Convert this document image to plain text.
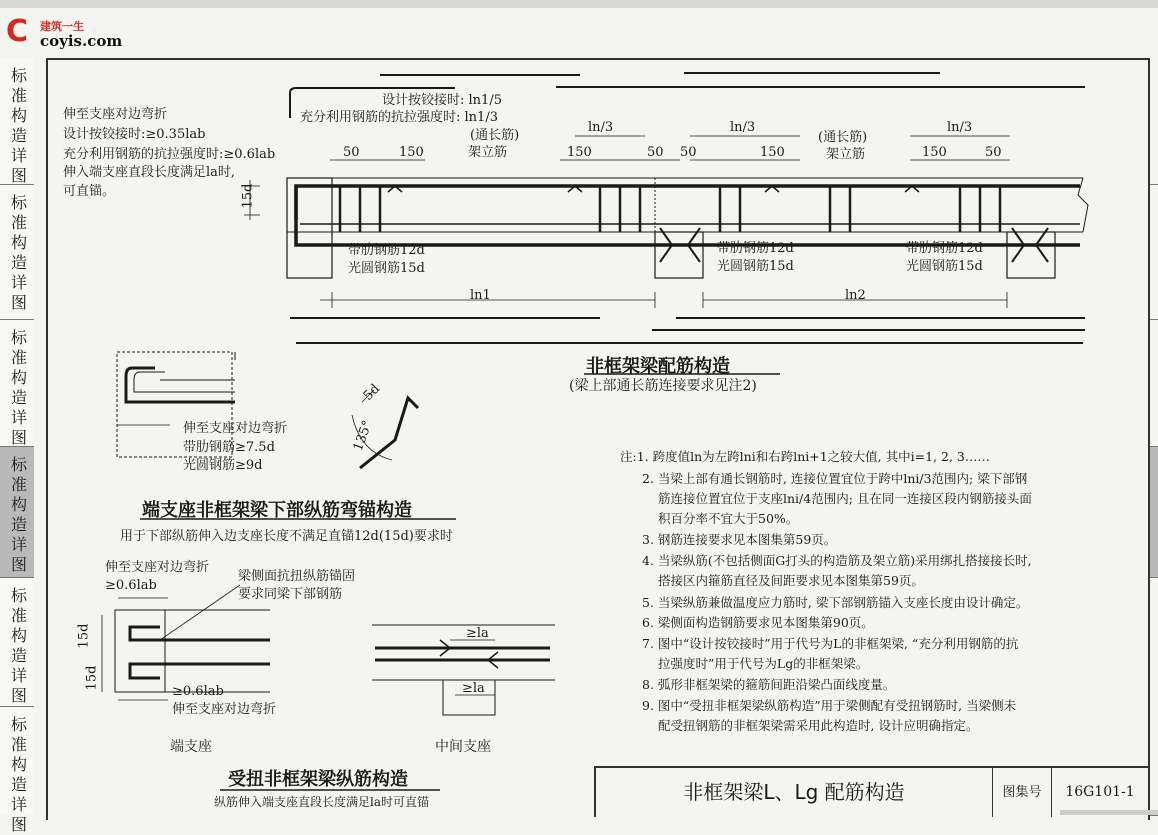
C 建筑一生
coyis.com
标准构造详图
标准构造详图
标准构造详图
标准构造详图
标准构造详图
标准构造详图
设计按铰接时: ln1/5
充分利用钢筋的抗拉强度时: ln1/3
(通长筋)
架立筋
(通长筋)
架立筋
ln/3	ln/3	ln/3
50	150	150	50 50	150	150	50
15d
带肋钢筋12d
光圆钢筋15d
带肋钢筋12d
光圆钢筋15d
带肋钢筋12d
光圆钢筋15d
ln1	ln2
伸至支座对边弯折
设计按铰接时:≥0.35lab
充分利用钢筋的抗拉强度时:≥0.6lab
伸入端支座直段长度满足la时,
可直锚。
非框架梁配筋构造
(梁上部通长筋连接要求见注2)
伸至支座对边弯折
带肋钢筋≥7.5d
光圆钢筋≥9d
5d
135°
端支座非框架梁下部纵筋弯锚构造
用于下部纵筋伸入边支座长度不满足直锚12d(15d)要求时
伸至支座对边弯折
≥0.6lab
梁侧面抗扭纵筋锚固
要求同梁下部钢筋
15d
15d
≥0.6lab
伸至支座对边弯折
≥la
≥la
端支座	中间支座
受扭非框架梁纵筋构造
纵筋伸入端支座直段长度满足la时可直锚
注:1. 跨度值ln为左跨lni和右跨lni+1之较大值, 其中i=1, 2, 3……
2. 当梁上部有通长钢筋时, 连接位置宜位于跨中lni/3范围内; 梁下部钢
筋连接位置宜位于支座lni/4范围内; 且在同一连接区段内钢筋接头面
积百分率不宜大于50%。
3. 钢筋连接要求见本图集第59页。
4. 当梁纵筋(不包括侧面G打头的构造筋及架立筋)采用绑扎搭接接长时,
搭接区内箍筋直径及间距要求见本图集第59页。
5. 当梁纵筋兼做温度应力筋时, 梁下部钢筋锚入支座长度由设计确定。
6. 梁侧面构造钢筋要求见本图集第90页。
7. 图中“设计按铰接时”用于代号为L的非框架梁, “充分利用钢筋的抗
拉强度时”用于代号为Lg的非框架梁。
8. 弧形非框架梁的箍筋间距沿梁凸面线度量。
9. 图中“受扭非框架梁纵筋构造”用于梁侧配有受扭钢筋时, 当梁侧未
配受扭钢筋的非框架梁需采用此构造时, 设计应明确指定。
非框架梁L、Lg 配筋构造	图集号	16G101-1
